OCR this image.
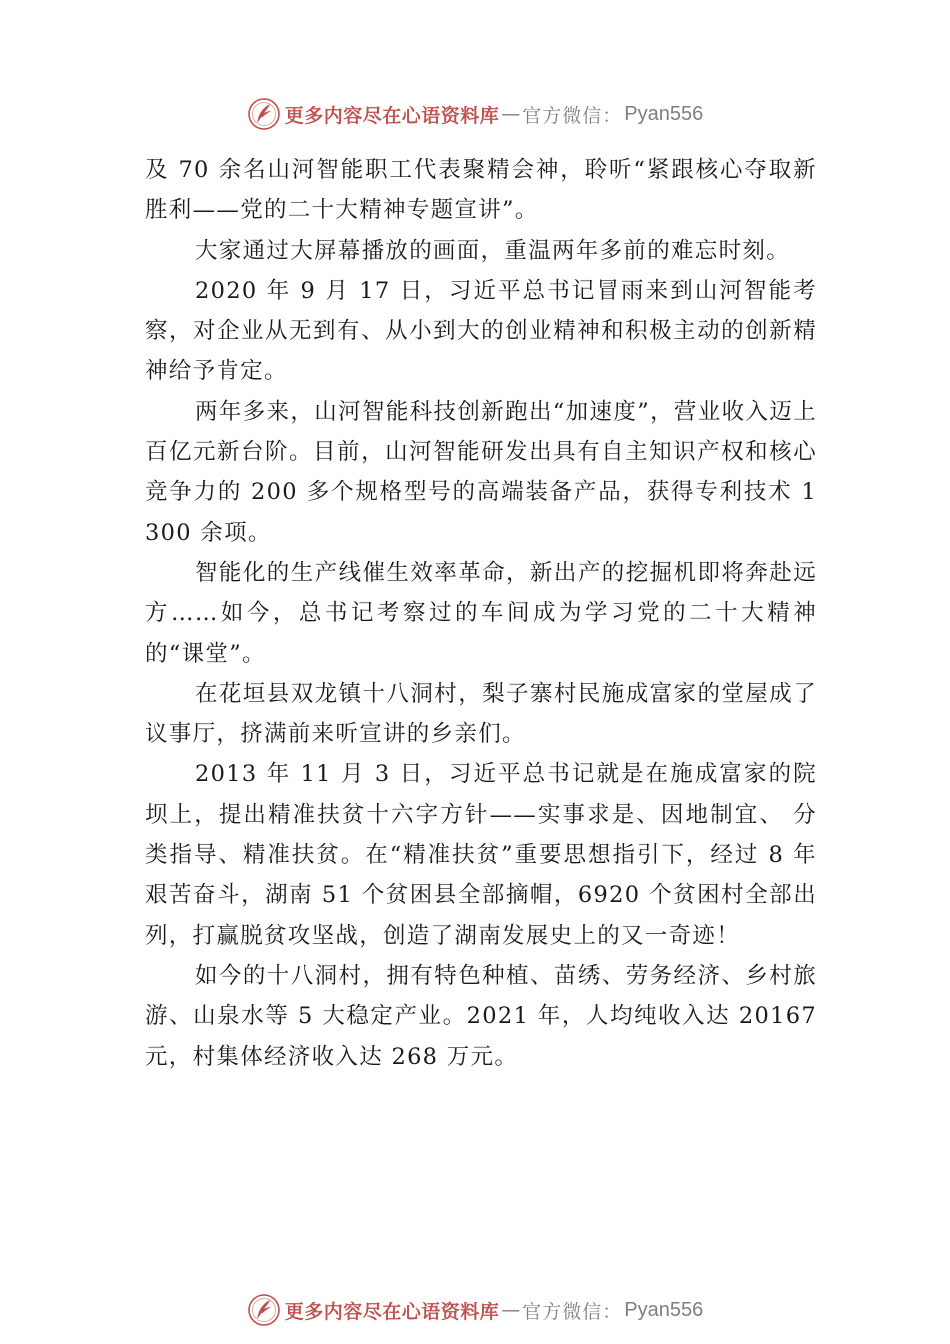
更多内容尽在心语资料库 — 官方微信： Pyan556

及 70 余名山河智能职工代表聚精会神，聆听“紧跟核心夺取新胜利——党的二十大精神专题宣讲”。

大家通过大屏幕播放的画面，重温两年多前的难忘时刻。

2020 年 9 月 17 日，习近平总书记冒雨来到山河智能考察，对企业从无到有、从小到大的创业精神和积极主动的创新精神给予肯定。

两年多来，山河智能科技创新跑出“加速度”，营业收入迈上百亿元新台阶。目前，山河智能研发出具有自主知识产权和核心竞争力的 200 多个规格型号的高端装备产品，获得专利技术 1300 余项。

智能化的生产线催生效率革命，新出产的挖掘机即将奔赴远方……如今，总书记考察过的车间成为学习党的二十大精神的“课堂”。

在花垣县双龙镇十八洞村，梨子寨村民施成富家的堂屋成了议事厅，挤满前来听宣讲的乡亲们。

2013 年 11 月 3 日，习近平总书记就是在施成富家的院坝上，提出精准扶贫十六字方针——实事求是、因地制宜、 分类指导、精准扶贫。在“精准扶贫”重要思想指引下，经过 8 年艰苦奋斗，湖南 51 个贫困县全部摘帽，6920 个贫困村全部出列，打赢脱贫攻坚战，创造了湖南发展史上的又一奇迹！

如今的十八洞村，拥有特色种植、苗绣、劳务经济、乡村旅游、山泉水等 5 大稳定产业。2021 年，人均纯收入达 20167 元，村集体经济收入达 268 万元。

更多内容尽在心语资料库 — 官方微信： Pyan556
